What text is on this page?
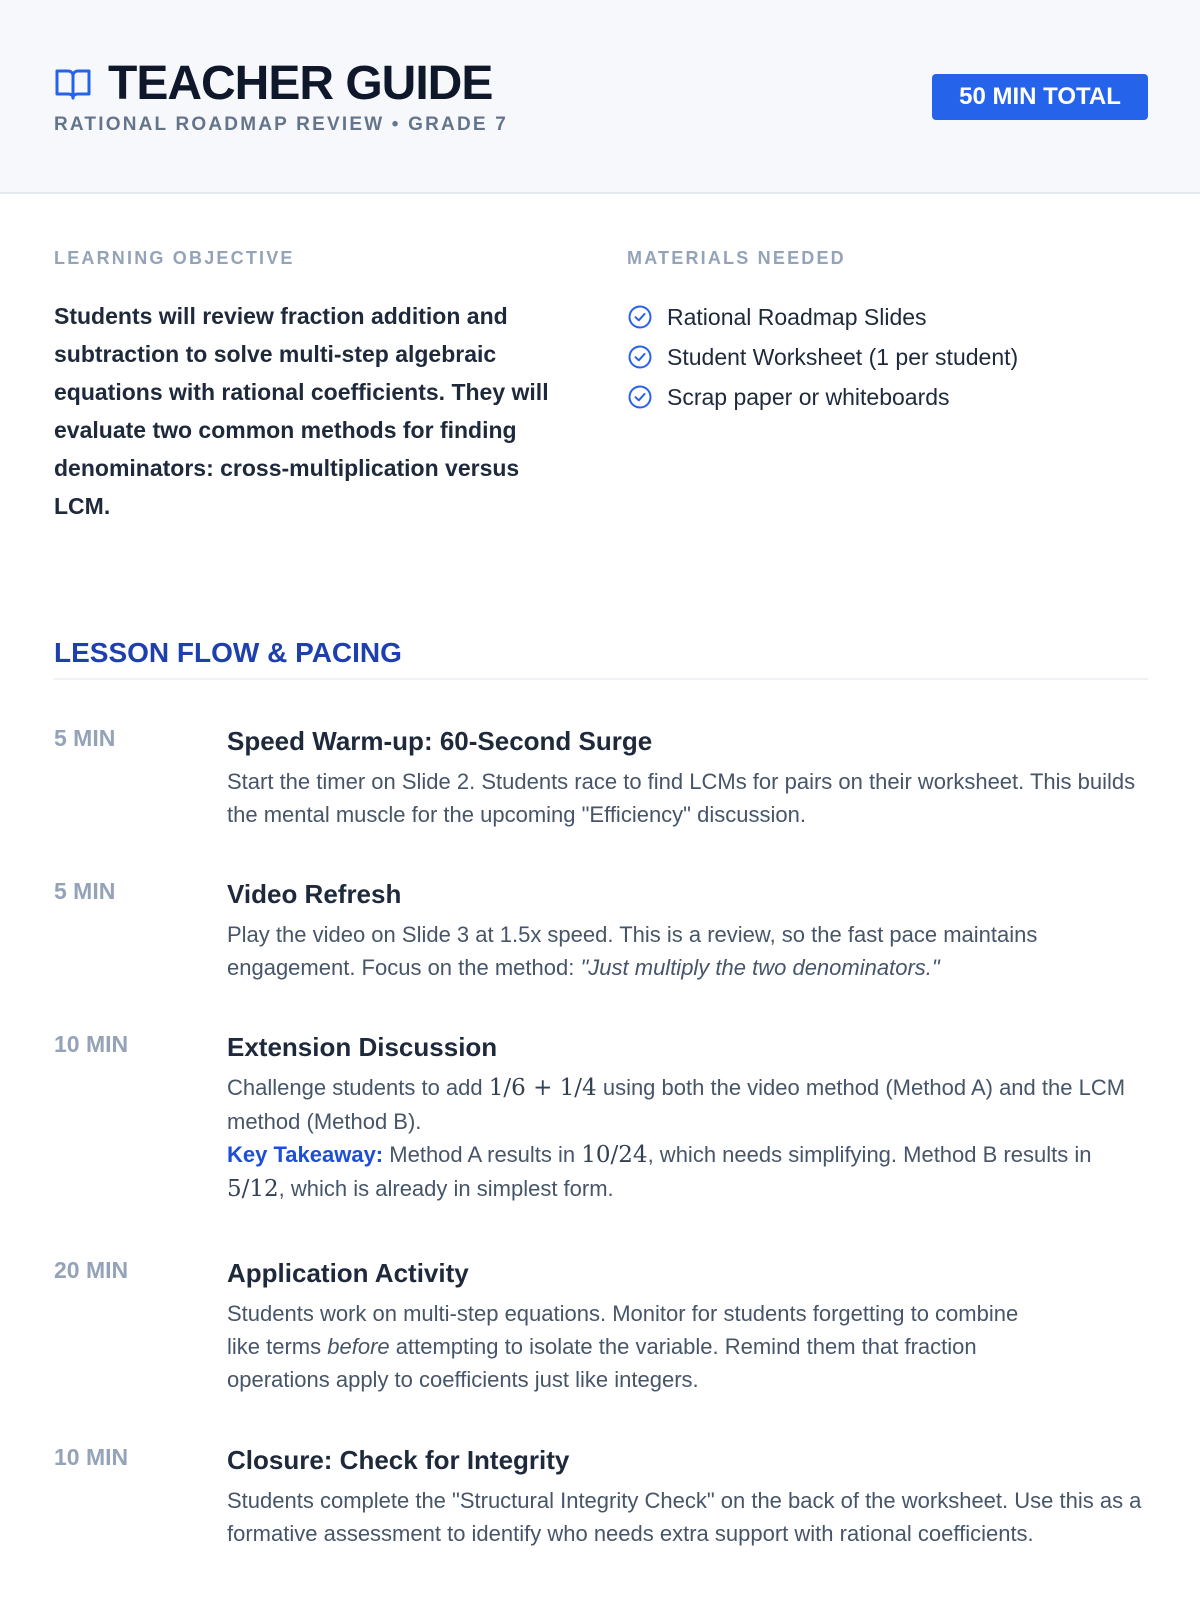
TEACHER GUIDE
RATIONAL ROADMAP REVIEW • GRADE 7
50 MIN TOTAL
LEARNING OBJECTIVE

Students will review fraction addition and subtraction to solve multi-step algebraic equations with rational coefficients. They will evaluate two common methods for finding denominators: cross-multiplication versus LCM.

MATERIALS NEEDED
Rational Roadmap Slides
Student Worksheet (1 per student)
Scrap paper or whiteboards
LESSON FLOW & PACING
5 MIN	Speed Warm-up: 60-Second Surge

Start the timer on Slide 2. Students race to find LCMs for pairs on their worksheet. This builds the mental muscle for the upcoming "Efficiency" discussion.

5 MIN	Video Refresh

Play the video on Slide 3 at 1.5x speed. This is a review, so the fast pace maintains engagement. Focus on the method: "Just multiply the two denominators."

10 MIN	Extension Discussion

Challenge students to add 1/6 + 1/4 using both the video method (Method A) and the LCM method (Method B).

Key Takeaway: Method A results in 10/24, which needs simplifying. Method B results in 5/12, which is already in simplest form.

20 MIN	Application Activity

Students work on multi-step equations. Monitor for students forgetting to combine like terms before attempting to isolate the variable. Remind them that fraction operations apply to coefficients just like integers.

10 MIN	Closure: Check for Integrity

Students complete the "Structural Integrity Check" on the back of the worksheet. Use this as a formative assessment to identify who needs extra support with rational coefficients.
